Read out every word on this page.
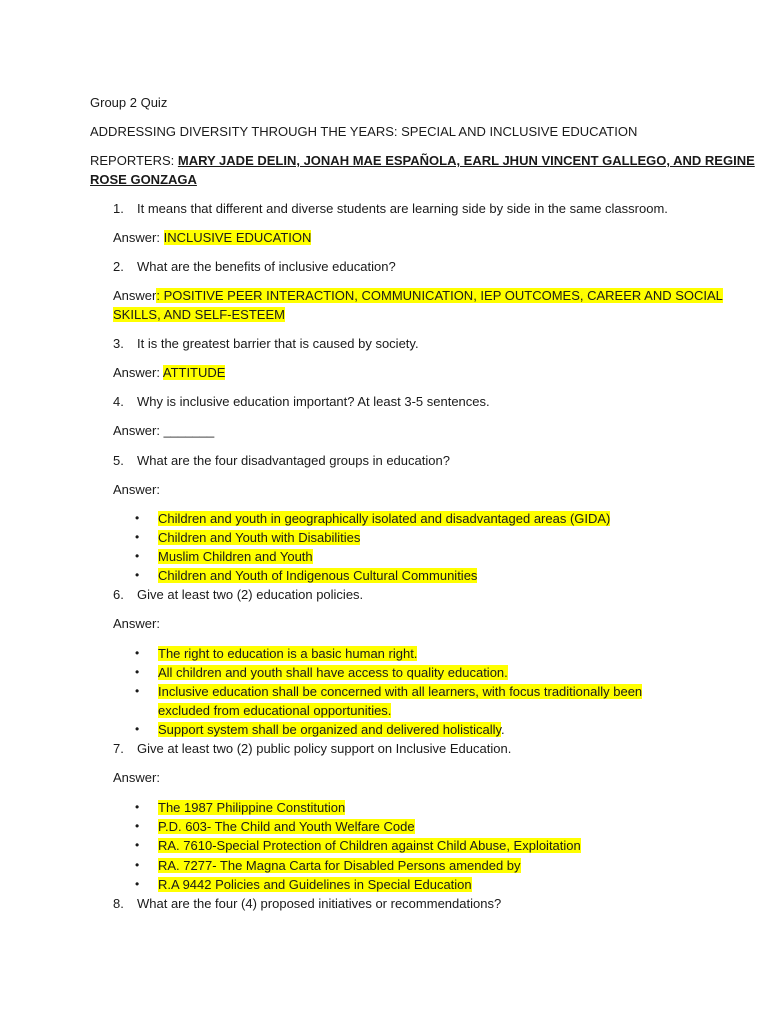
Group 2 Quiz
ADDRESSING DIVERSITY THROUGH THE YEARS: SPECIAL AND INCLUSIVE EDUCATION
REPORTERS: MARY JADE DELIN, JONAH MAE ESPAÑOLA, EARL JHUN VINCENT GALLEGO, AND REGINE
ROSE GONZAGA
1. It means that different and diverse students are learning side by side in the same classroom.
Answer: INCLUSIVE EDUCATION
2. What are the benefits of inclusive education?
Answer: POSITIVE PEER INTERACTION, COMMUNICATION, IEP OUTCOMES, CAREER AND SOCIAL
SKILLS, AND SELF-ESTEEM
3. It is the greatest barrier that is caused by society.
Answer: ATTITUDE
4. Why is inclusive education important? At least 3-5 sentences.
Answer: _______
5. What are the four disadvantaged groups in education?
Answer:
• Children and youth in geographically isolated and disadvantaged areas (GIDA)
• Children and Youth with Disabilities
• Muslim Children and Youth
• Children and Youth of Indigenous Cultural Communities
6. Give at least two (2) education policies.
Answer:
• The right to education is a basic human right.
• All children and youth shall have access to quality education.
• Inclusive education shall be concerned with all learners, with focus traditionally been
excluded from educational opportunities.
• Support system shall be organized and delivered holistically.
7. Give at least two (2) public policy support on Inclusive Education.
Answer:
• The 1987 Philippine Constitution
• P.D. 603- The Child and Youth Welfare Code
• RA. 7610-Special Protection of Children against Child Abuse, Exploitation
• RA. 7277- The Magna Carta for Disabled Persons amended by
• R.A 9442 Policies and Guidelines in Special Education
8. What are the four (4) proposed initiatives or recommendations?
